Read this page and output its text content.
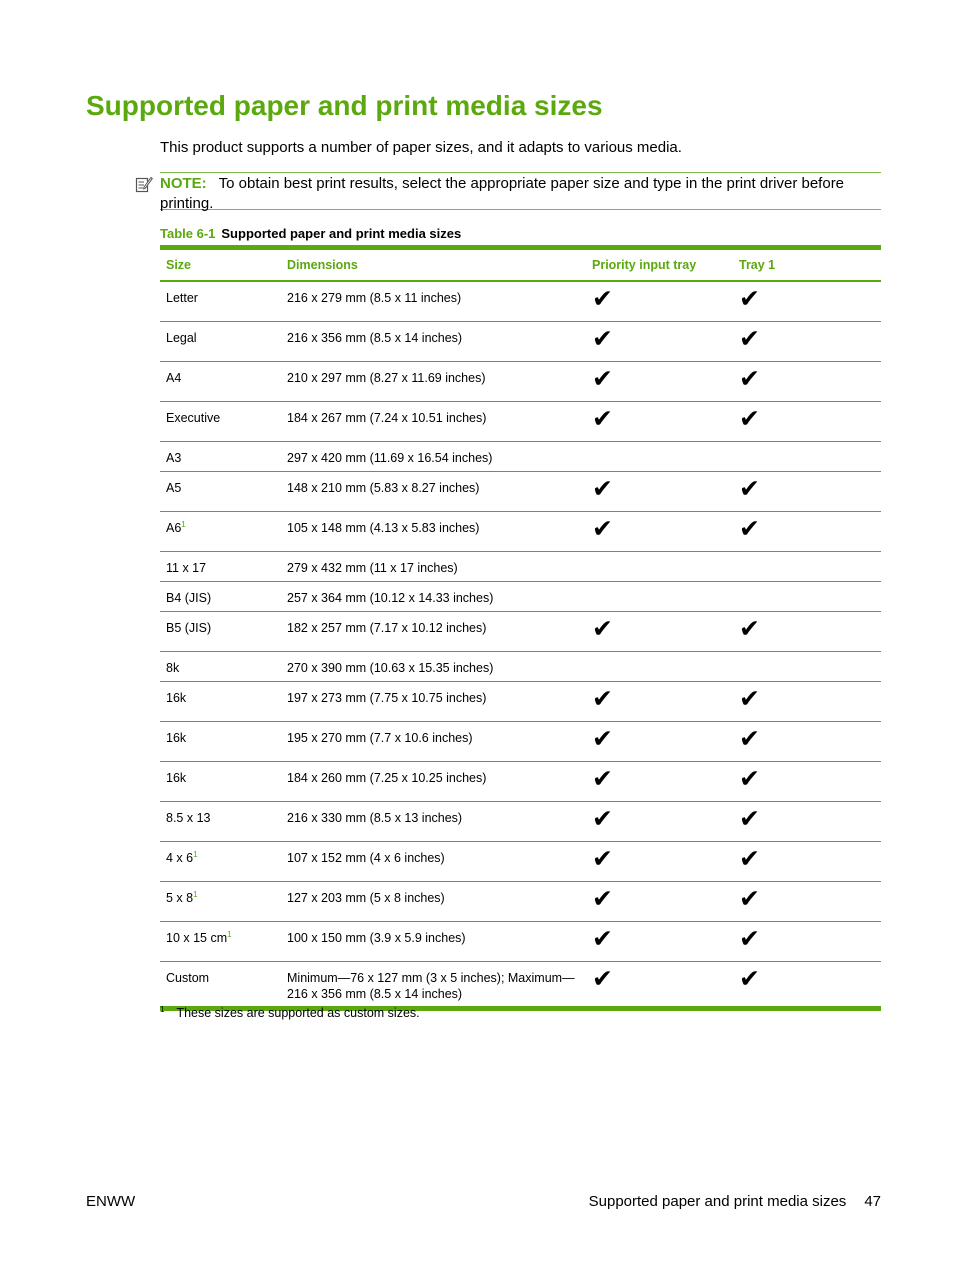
Supported paper and print media sizes

This product supports a number of paper sizes, and it adapts to various media.

NOTE: To obtain best print results, select the appropriate paper size and type in the print driver before printing.
Table 6-1 Supported paper and print media sizes
Size	Dimensions	Priority input tray	Tray 1
Letter	216 x 279 mm (8.5 x 11 inches)	✔	✔
Legal	216 x 356 mm (8.5 x 14 inches)	✔	✔
A4	210 x 297 mm (8.27 x 11.69 inches)	✔	✔
Executive	184 x 267 mm (7.24 x 10.51 inches)	✔	✔
A3	297 x 420 mm (11.69 x 16.54 inches)		
A5	148 x 210 mm (5.83 x 8.27 inches)	✔	✔
A6$^1$	105 x 148 mm (4.13 x 5.83 inches)	✔	✔
11 x 17	279 x 432 mm (11 x 17 inches)		
B4 (JIS)	257 x 364 mm (10.12 x 14.33 inches)		
B5 (JIS)	182 x 257 mm (7.17 x 10.12 inches)	✔	✔
8k	270 x 390 mm (10.63 x 15.35 inches)		
16k	197 x 273 mm (7.75 x 10.75 inches)	✔	✔
16k	195 x 270 mm (7.7 x 10.6 inches)	✔	✔
16k	184 x 260 mm (7.25 x 10.25 inches)	✔	✔
8.5 x 13	216 x 330 mm (8.5 x 13 inches)	✔	✔
4 x 6$^1$	107 x 152 mm (4 x 6 inches)	✔	✔
5 x 8$^1$	127 x 203 mm (5 x 8 inches)	✔	✔
10 x 15 cm$^1$	100 x 150 mm (3.9 x 5.9 inches)	✔	✔
Custom	Minimum—76 x 127 mm (3 x 5 inches); Maximum—216 x 356 mm (8.5 x 14 inches)	✔	✔
$^1$ These sizes are supported as custom sizes.
ENWW	Supported paper and print media sizes 47
